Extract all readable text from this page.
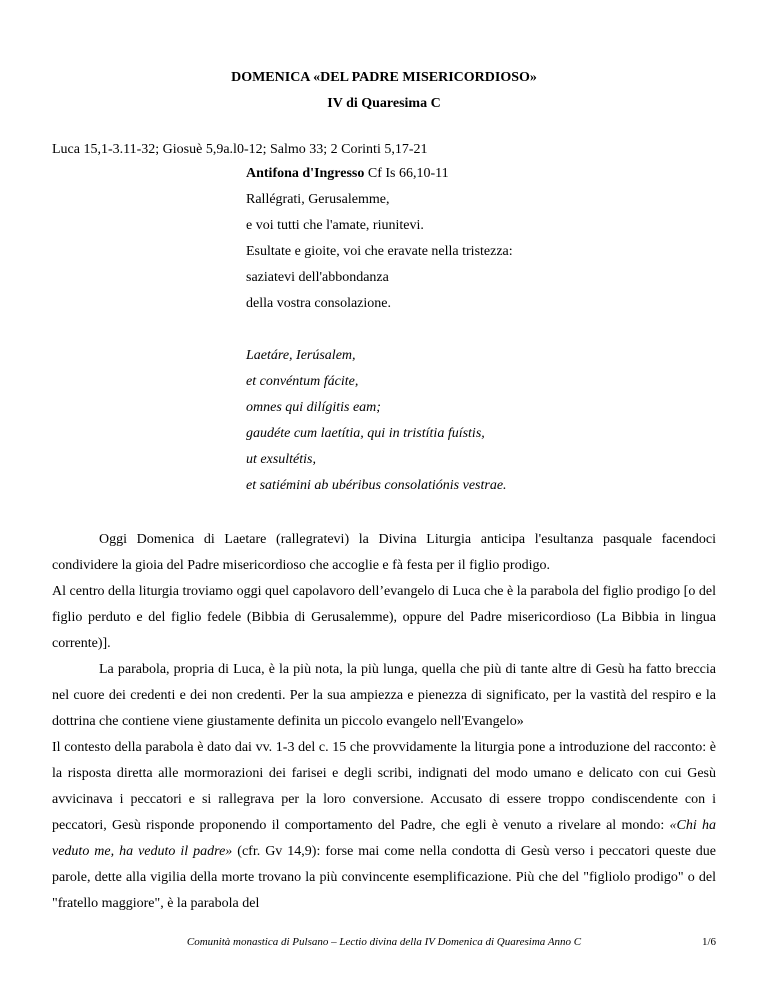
DOMENICA «DEL PADRE MISERICORDIOSO»
IV di Quaresima C
Luca 15,1-3.11-32; Giosuè 5,9a.l0-12; Salmo 33; 2 Corinti 5,17-21
Antifona d'Ingresso Cf Is 66,10-11
Rallégrati, Gerusalemme,
e voi tutti che l'amate, riunitevi.
Esultate e gioite, voi che eravate nella tristezza:
saziatevi dell'abbondanza
della vostra consolazione.
Laetáre, Ierúsalem,
et convéntum fácite,
omnes qui dilígitis eam;
gaudéte cum laetítia, qui in tristítia fuístis,
ut exsultétis,
et satiémini ab ubéribus consolatiónis vestrae.

Oggi Domenica di Laetare (rallegratevi) la Divina Liturgia anticipa l'esultanza pasquale facendoci condividere la gioia del Padre misericordioso che accoglie e fà festa per il figlio prodigo.

Al centro della liturgia troviamo oggi quel capolavoro dell’evangelo di Luca che è la parabola del figlio prodigo [o del figlio perduto e del figlio fedele (Bibbia di Gerusalemme), oppure del Padre misericordioso (La Bibbia in lingua corrente)].

La parabola, propria di Luca, è la più nota, la più lunga, quella che più di tante altre di Gesù ha fatto breccia nel cuore dei credenti e dei non credenti. Per la sua ampiezza e pienezza di significato, per la vastità del respiro e la dottrina che contiene viene giustamente definita un piccolo evangelo nell'Evangelo»

Il contesto della parabola è dato dai vv. 1-3 del c. 15 che provvidamente la liturgia pone a introduzione del racconto: è la risposta diretta alle mormorazioni dei farisei e degli scribi, indignati del modo umano e delicato con cui Gesù avvicinava i peccatori e si rallegrava per la loro conversione. Accusato di essere troppo condiscendente con i peccatori, Gesù risponde proponendo il comportamento del Padre, che egli è venuto a rivelare al mondo: «Chi ha veduto me, ha veduto il padre» (cfr. Gv 14,9): forse mai come nella condotta di Gesù verso i peccatori queste due parole, dette alla vigilia della morte trovano la più convincente esemplificazione. Più che del "figliolo prodigo" o del "fratello maggiore", è la parabola del

Comunità monastica di Pulsano – Lectio divina della IV Domenica di Quaresima Anno C	1/6
